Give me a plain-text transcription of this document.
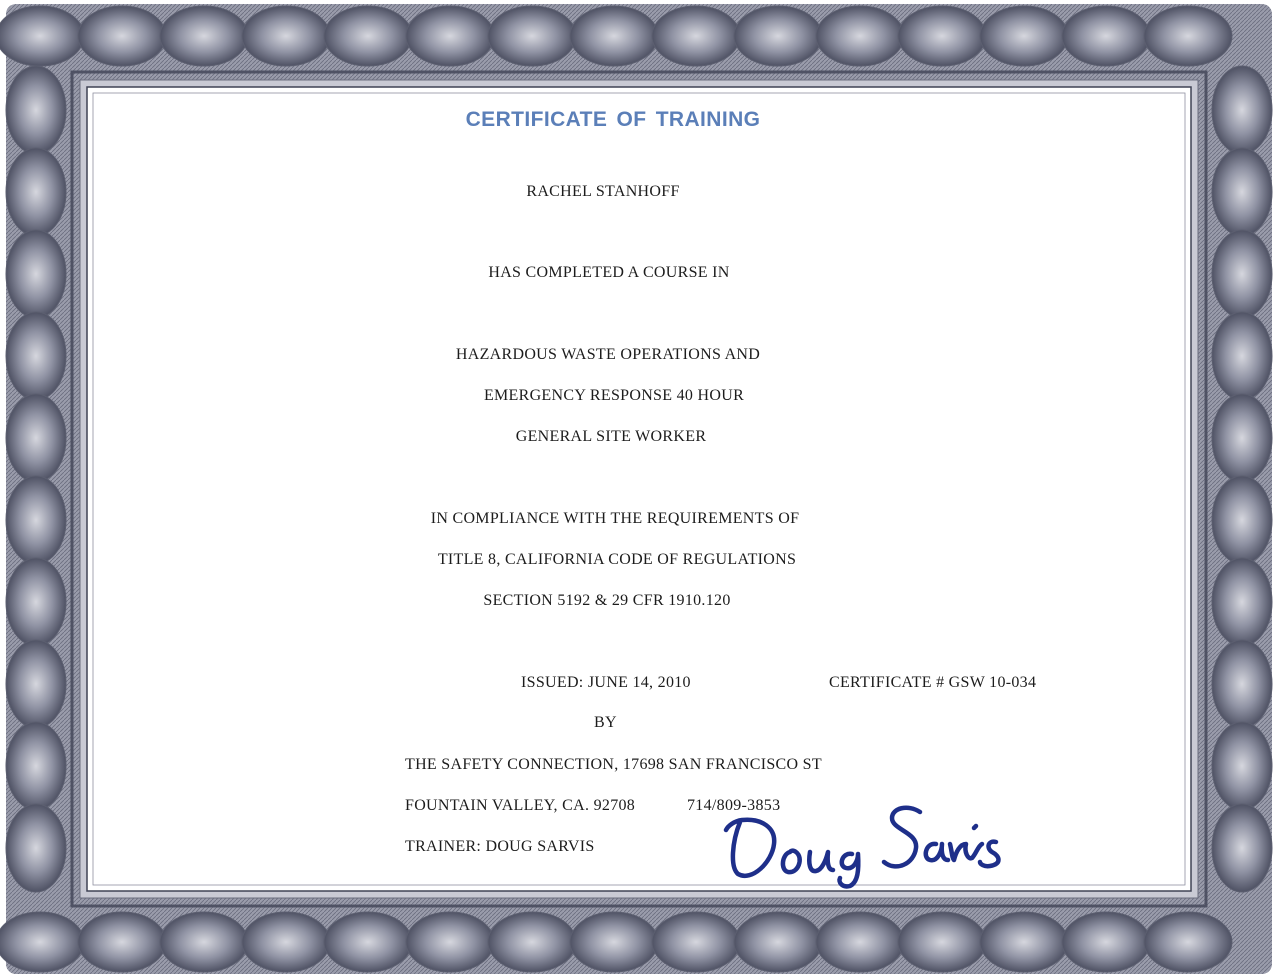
CERTIFICATE OF TRAINING
RACHEL STANHOFF
HAS COMPLETED A COURSE IN
HAZARDOUS WASTE OPERATIONS AND
EMERGENCY RESPONSE 40 HOUR
GENERAL SITE WORKER
IN COMPLIANCE WITH THE REQUIREMENTS OF
TITLE 8, CALIFORNIA CODE OF REGULATIONS
SECTION 5192 & 29 CFR 1910.120
ISSUED: JUNE 14, 2010	CERTIFICATE # GSW 10-034
BY
THE SAFETY CONNECTION, 17698 SAN FRANCISCO ST
FOUNTAIN VALLEY, CA. 92708	714/809-3853
TRAINER: DOUG SARVIS
